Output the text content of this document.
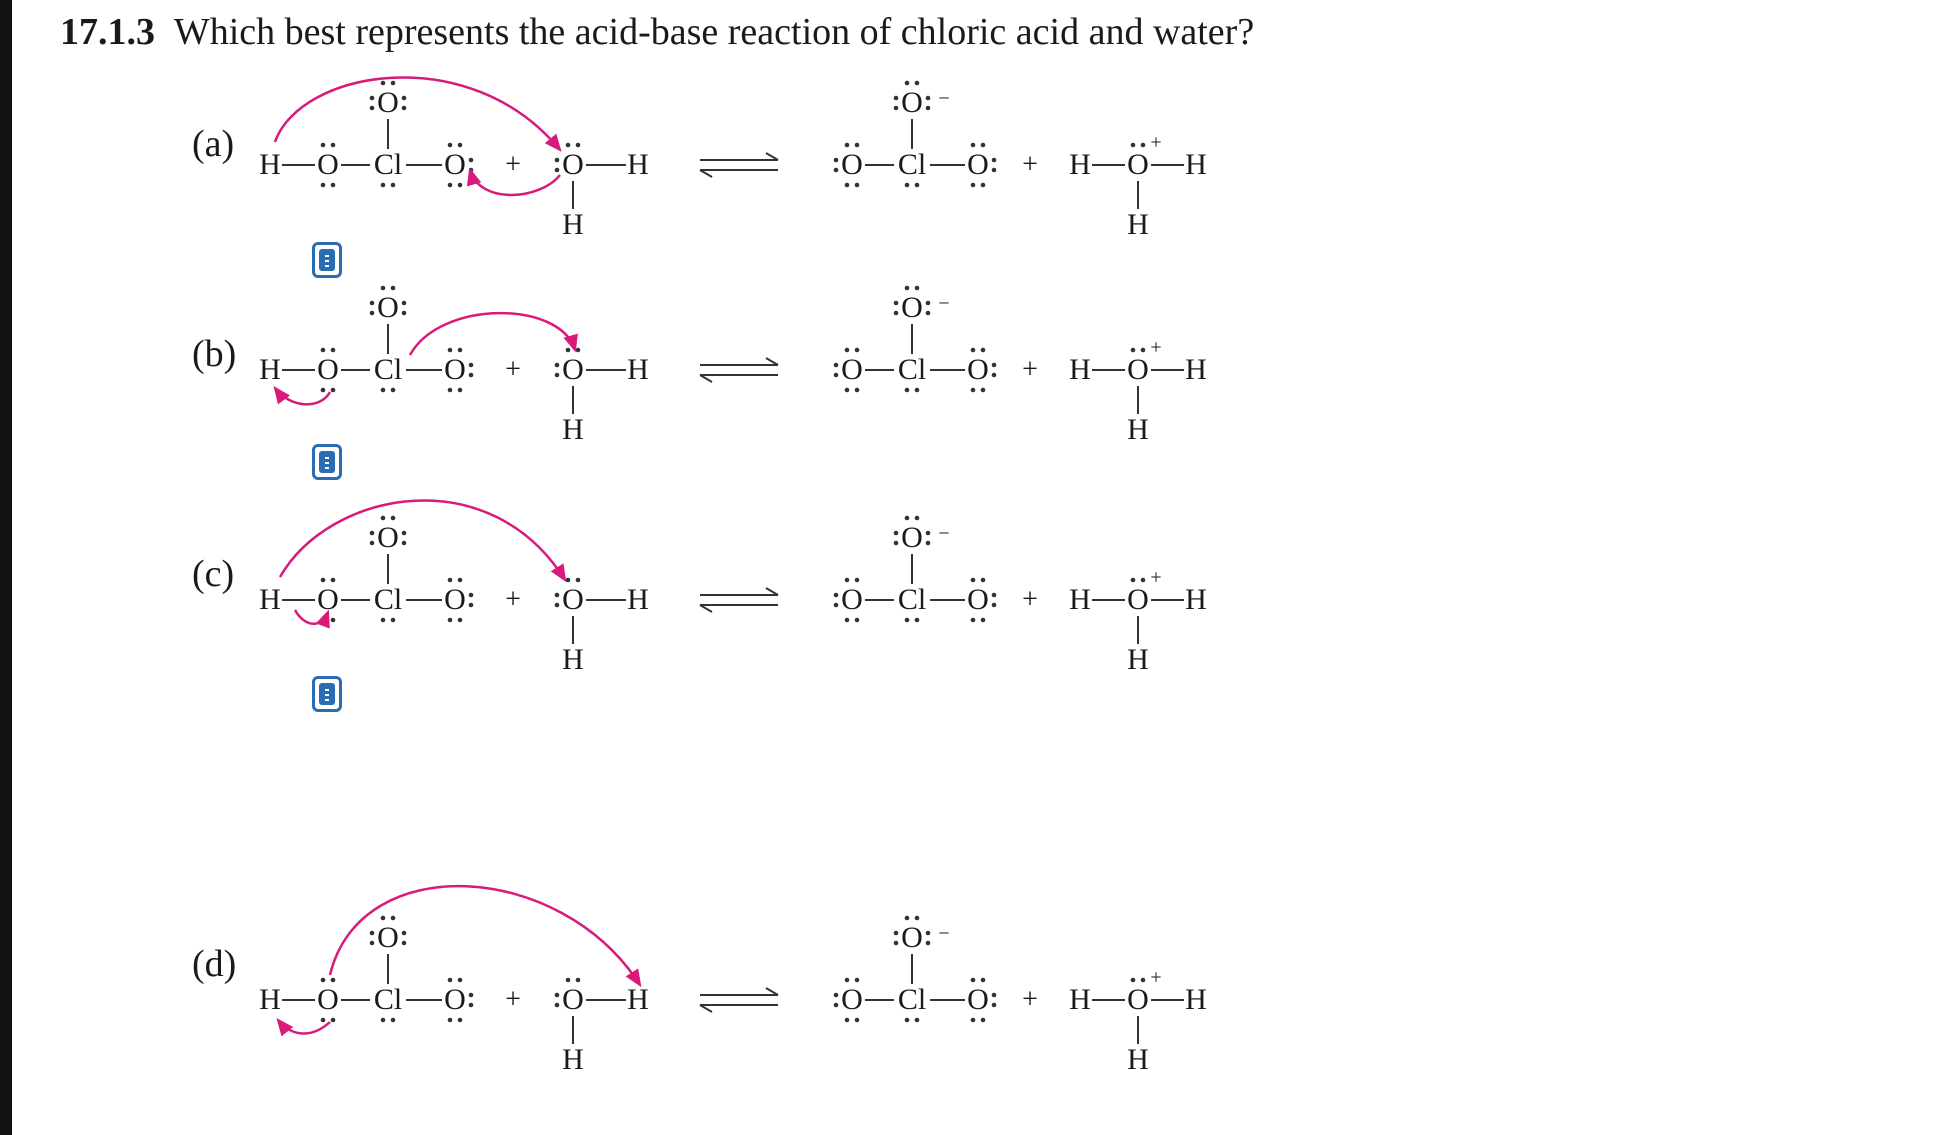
17.1.3 Which best represents the acid-base reaction of chloric acid and water?
(a)
(b)
(c)
(d)
H O Cl O
O
+ O H
H
O Cl O
O −
+ H O
+
H
H
H O Cl O
O
+ O H
H
O Cl O
O −
+ H O
+
H
H
H O Cl O
O
+ O H
H
O Cl O
O −
+ H O
+
H
H
H O Cl O
O
+ O H
H
O Cl O
O −
+ H O
+
H
H
